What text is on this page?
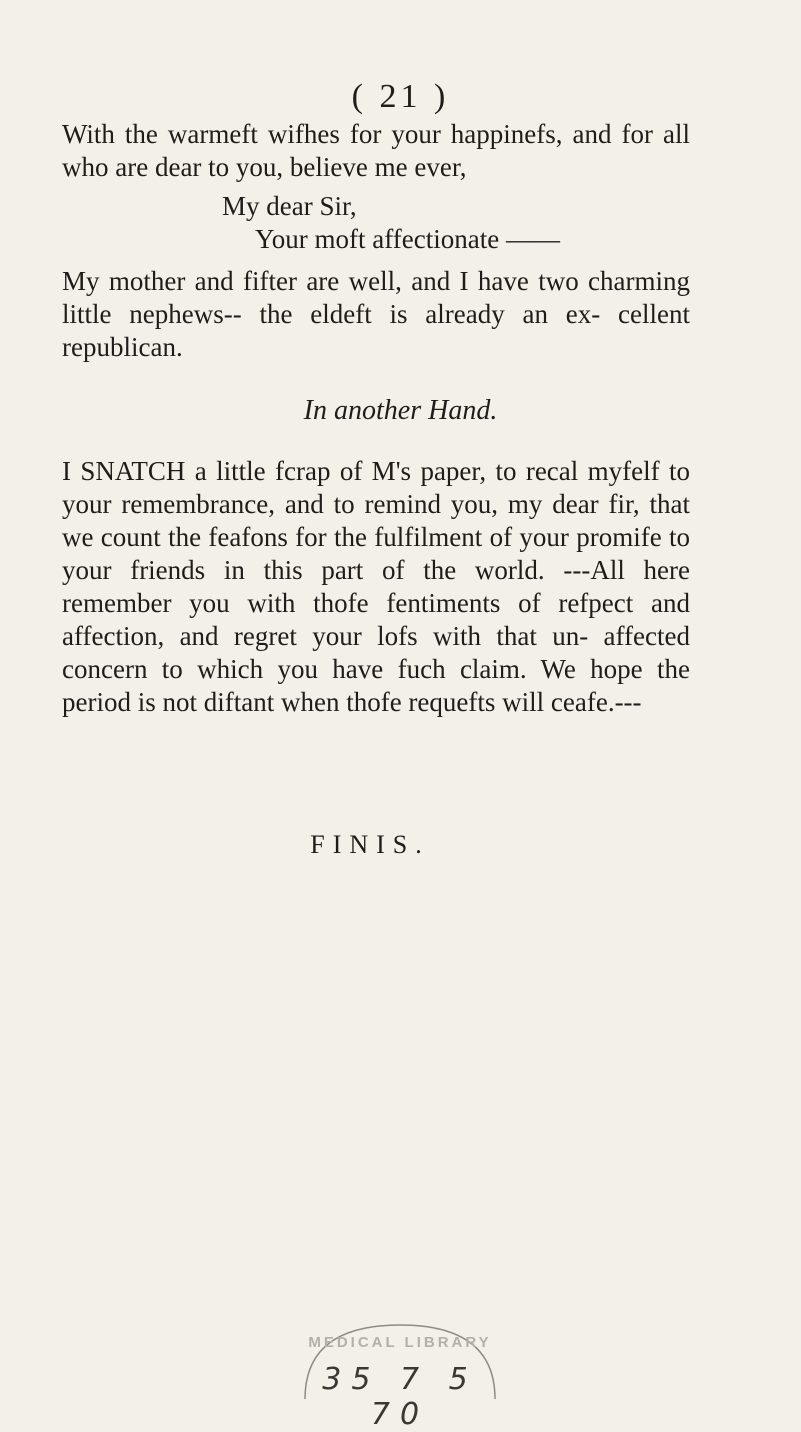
( 21 )

With the warmeft wifhes for your happinefs, and for all who are dear to you, believe me ever,

My dear Sir,
Your moft affectionate ——

My mother and fifter are well, and I have two charming little nephews-- the eldeft is already an ex- cellent republican.

In another Hand.

I SNATCH a little fcrap of M's paper, to recal myfelf to your remembrance, and to remind you, my dear fir, that we count the feafons for the fulfilment of your promife to your friends in this part of the world. ---All here remember you with thofe fentiments of refpect and affection, and regret your lofs with that un- affected concern to which you have fuch claim. We hope the period is not diftant when thofe requefts will ceafe.---

FINIS.
MEDICAL LIBRARY
35 7 5 70
